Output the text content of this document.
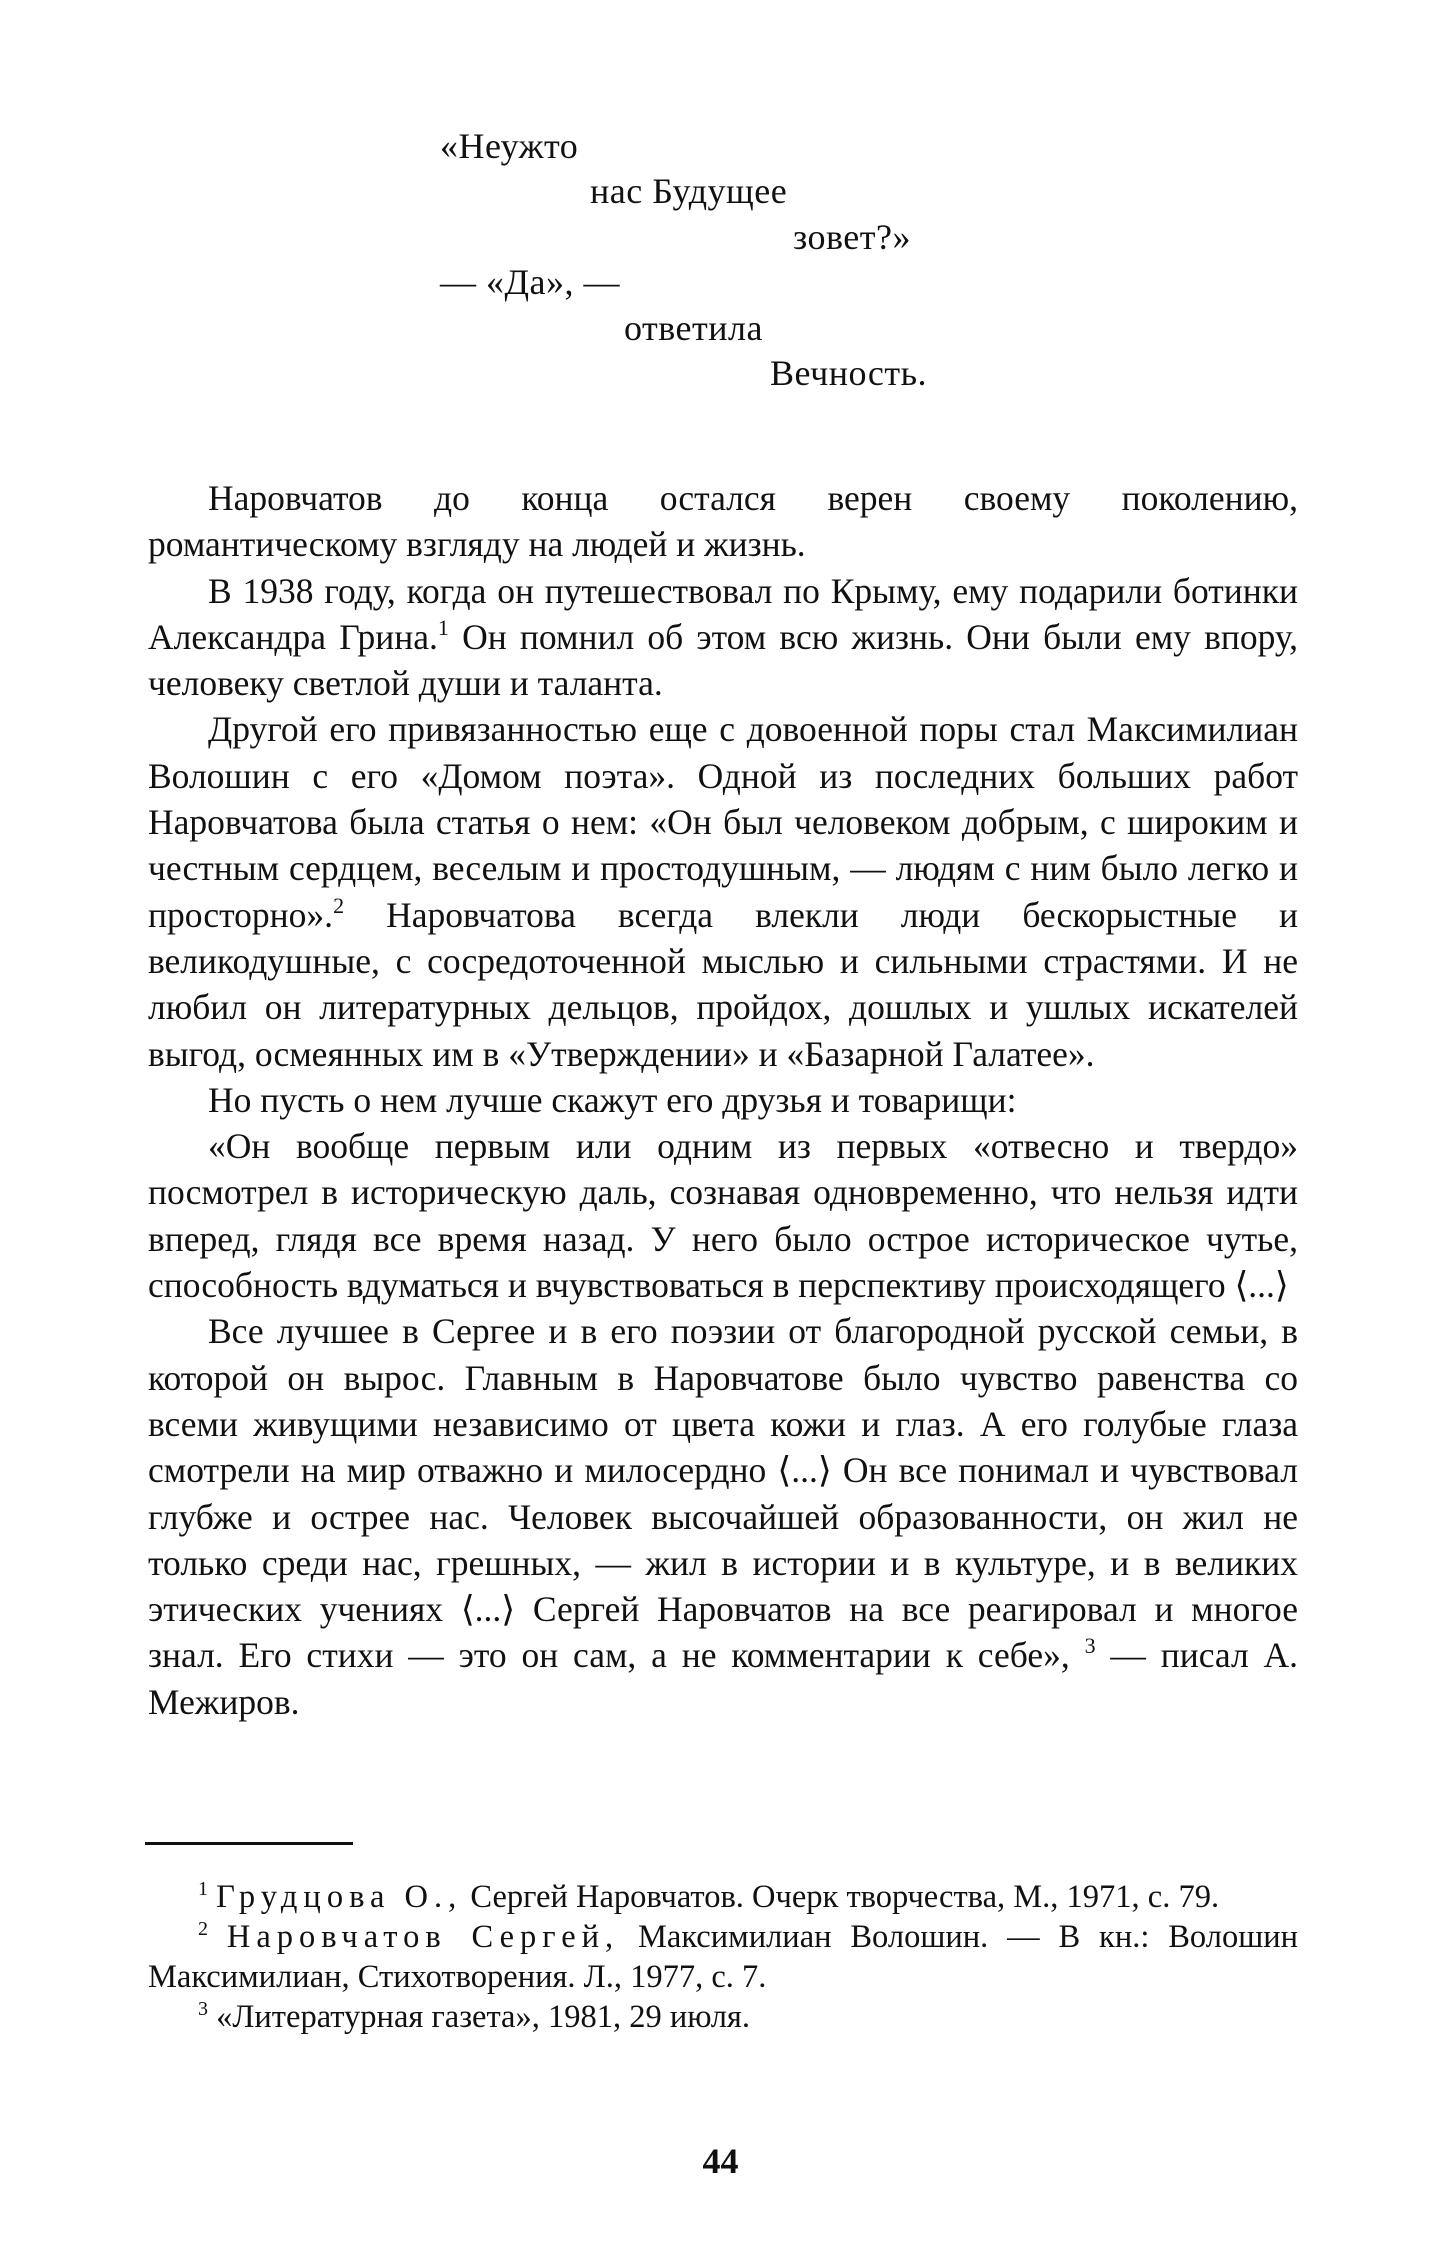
«Неужто
нас Будущее
зовет?»
— «Да», —
ответила
Вечность.

Наровчатов до конца остался верен своему поколению, романтическому взгляду на людей и жизнь.

В 1938 году, когда он путешествовал по Крыму, ему подарили ботинки Александра Грина.$^1$ Он помнил об этом всю жизнь. Они были ему впору, человеку светлой души и таланта.

Другой его привязанностью еще с довоенной поры стал Максимилиан Волошин с его «Домом поэта». Одной из последних больших работ Наровчатова была статья о нем: «Он был человеком добрым, с широким и честным сердцем, веселым и простодушным, — людям с ним было легко и просторно».$^2$ Наровчатова всегда влекли люди бескорыстные и великодушные, с сосредоточенной мыслью и сильными страстями. И не любил он литературных дельцов, пройдох, дошлых и ушлых искателей выгод, осмеянных им в «Утверждении» и «Базарной Галатее».

Но пусть о нем лучше скажут его друзья и товарищи:

«Он вообще первым или одним из первых «отвесно и твердо» посмотрел в историческую даль, сознавая одновременно, что нельзя идти вперед, глядя все время назад. У него было острое историческое чутье, способность вдуматься и вчувствоваться в перспективу происходящего ⟨...⟩

Все лучшее в Сергее и в его поэзии от благородной русской семьи, в которой он вырос. Главным в Наровчатове было чувство равенства со всеми живущими независимо от цвета кожи и глаз. А его голубые глаза смотрели на мир отважно и милосердно ⟨...⟩ Он все понимал и чувствовал глубже и острее нас. Человек высочайшей образованности, он жил не только среди нас, грешных, — жил в истории и в культуре, и в великих этических учениях ⟨...⟩ Сергей Наровчатов на все реагировал и многое знал. Его стихи — это он сам, а не комментарии к себе», $^3$ — писал А. Межиров.

$^1$ Грудцова О., Сергей Наровчатов. Очерк творчества, М., 1971, с. 79.

$^2$ Наровчатов Сергей, Максимилиан Волошин. — В кн.: Волошин Максимилиан, Стихотворения. Л., 1977, с. 7.

$^3$ «Литературная газета», 1981, 29 июля.

44
